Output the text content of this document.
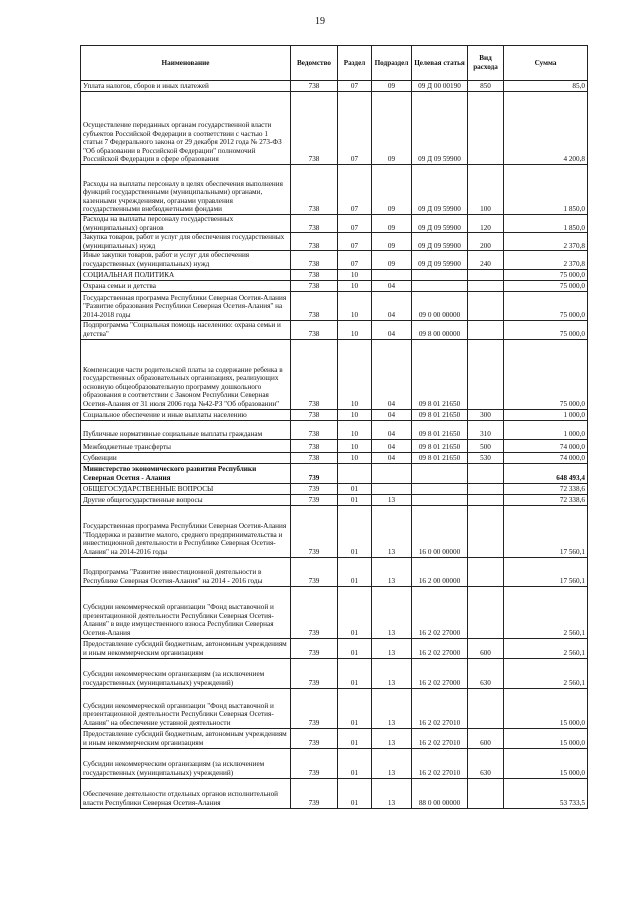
19
Наименование	Ведомство	Раздел	Подраздел	Целевая статья	Вид расхода	Сумма
Уплата налогов, сборов и иных платежей	738	07	09	09 Д 00 00190	850	85,0
Осуществление переданных органам государственной власти субъектов Российской Федерации в соответствии с частью 1 статьи 7 Федерального закона от 29 декабря 2012 года № 273-ФЗ "Об образовании в Российской Федерации" полномочий Российской Федерации в сфере образования	738	07	09	09 Д 09 59900		4 200,8
Расходы на выплаты персоналу в целях обеспечения выполнения функций государственными (муниципальными) органами, казенными учреждениями, органами управления государственными внебюджетными фондами	738	07	09	09 Д 09 59900	100	1 850,0
Расходы на выплаты персоналу государственных (муниципальных) органов	738	07	09	09 Д 09 59900	120	1 850,0
Закупка товаров, работ и услуг для обеспечения государственных (муниципальных) нужд	738	07	09	09 Д 09 59900	200	2 370,8
Иные закупки товаров, работ и услуг для обеспечения государственных (муниципальных) нужд	738	07	09	09 Д 09 59900	240	2 370,8
СОЦИАЛЬНАЯ ПОЛИТИКА	738	10				75 000,0
Охрана семьи и детства	738	10	04			75 000,0
Государственная программа Республики Северная Осетия-Алания "Развитие образования Республики Северная Осетия-Алания" на 2014-2018 годы	738	10	04	09 0 00 00000		75 000,0
Подпрограмма "Социальная помощь населению: охрана семьи и детства"	738	10	04	09 8 00 00000		75 000,0
Компенсация части родительской платы за содержание ребенка в государственных образовательных организациях, реализующих основную общеобразовательную программу дошкольного образования в соответствии с Законом Республики Северная Осетия-Алания от 31 июля 2006 года №42-РЗ "Об образовании"	738	10	04	09 8 01 21650		75 000,0
Социальное обеспечение и иные выплаты населению	738	10	04	09 8 01 21650	300	1 000,0
Публичные нормативные социальные выплаты гражданам	738	10	04	09 8 01 21650	310	1 000,0
Межбюджетные трансферты	738	10	04	09 8 01 21650	500	74 000,0
Субвенции	738	10	04	09 8 01 21650	530	74 000,0
Министерство экономического развития Республики Северная Осетия - Алания	739					648 493,4
ОБЩЕГОСУДАРСТВЕННЫЕ ВОПРОСЫ	739	01				72 338,6
Другие общегосударственные вопросы	739	01	13			72 338,6
Государственная программа Республики Северная Осетия-Алания "Поддержка и развитие малого, среднего предпринимательства и инвестиционной деятельности в Республике Северная Осетия-Алания" на 2014-2016 годы	739	01	13	16 0 00 00000		17 560,1
Подпрограмма "Развитие инвестиционной деятельности в Республике Северная Осетия-Алания" на 2014 - 2016 годы	739	01	13	16 2 00 00000		17 560,1
Субсидии некоммерческой организации "Фонд выставочной и презентационной деятельности Республики Северная Осетия-Алания" в виде имущественного взноса Республики Северная Осетия-Алания	739	01	13	16 2 02 27000		2 560,1
Предоставление субсидий бюджетным, автономным учреждениям и иным некоммерческим организациям	739	01	13	16 2 02 27000	600	2 560,1
Субсидии некоммерческим организациям (за исключением государственных (муниципальных) учреждений)	739	01	13	16 2 02 27000	630	2 560,1
Субсидии некоммерческой организации "Фонд выставочной и презентационной деятельности Республики Северная Осетия-Алания" на обеспечение уставной деятельности	739	01	13	16 2 02 27010		15 000,0
Предоставление субсидий бюджетным, автономным учреждениям и иным некоммерческим организациям	739	01	13	16 2 02 27010	600	15 000,0
Субсидии некоммерческим организациям (за исключением государственных (муниципальных) учреждений)	739	01	13	16 2 02 27010	630	15 000,0
Обеспечение деятельности отдельных органов исполнительной власти Республики Северная Осетия-Алания	739	01	13	88 0 00 00000		53 733,5
